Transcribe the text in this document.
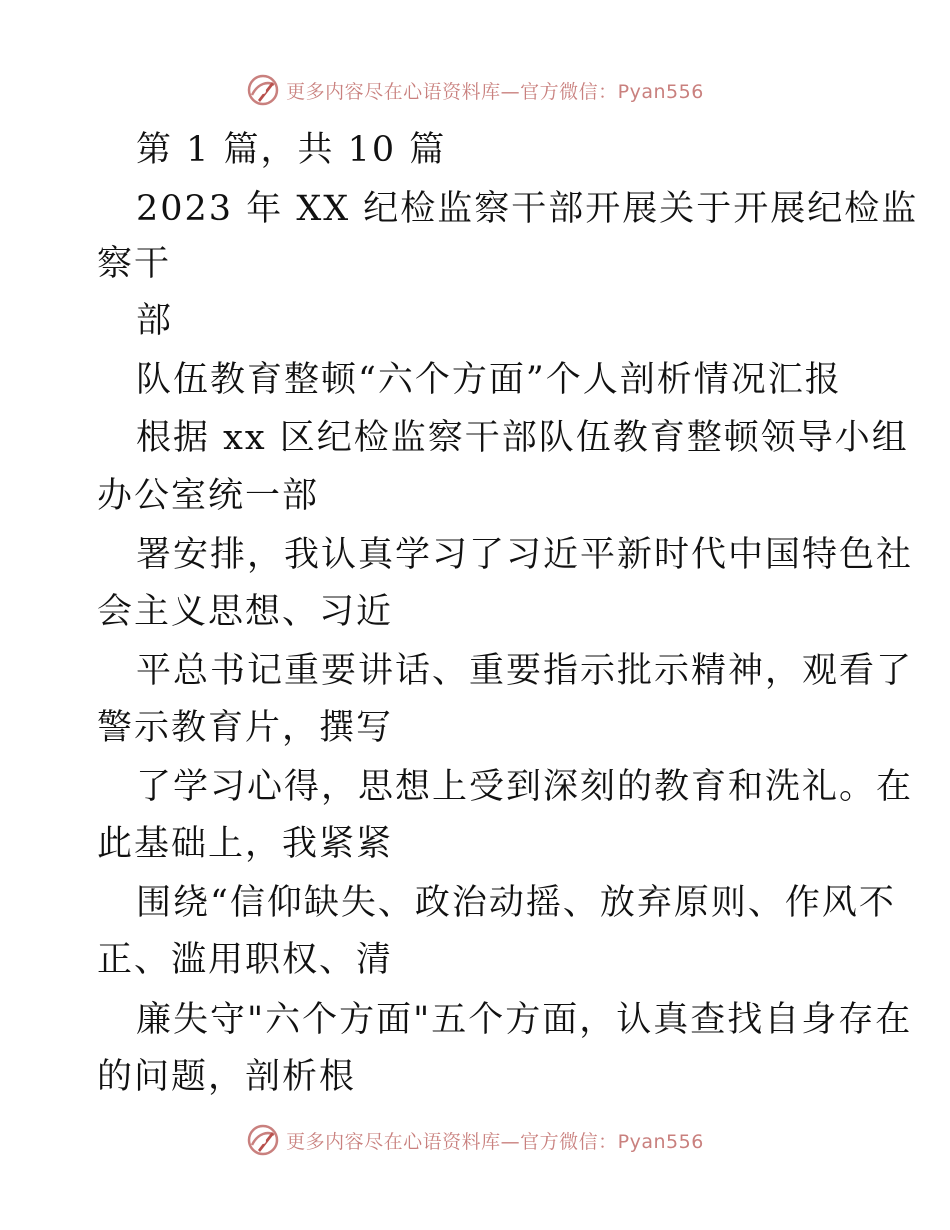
更多内容尽在心语资料库—官方微信：Pyan556
第 1 篇，共 10 篇
2023 年 XX 纪检监察干部开展关于开展纪检监
察干
部
队伍教育整顿“六个方面”个人剖析情况汇报
根据 xx 区纪检监察干部队伍教育整顿领导小组
办公室统一部
署安排，我认真学习了习近平新时代中国特色社
会主义思想、习近
平总书记重要讲话、重要指示批示精神，观看了
警示教育片，撰写
了学习心得，思想上受到深刻的教育和洗礼。在
此基础上，我紧紧
围绕“信仰缺失、政治动摇、放弃原则、作风不
正、滥用职权、清
廉失守"六个方面"五个方面，认真查找自身存在
的问题，剖析根
更多内容尽在心语资料库—官方微信：Pyan556
